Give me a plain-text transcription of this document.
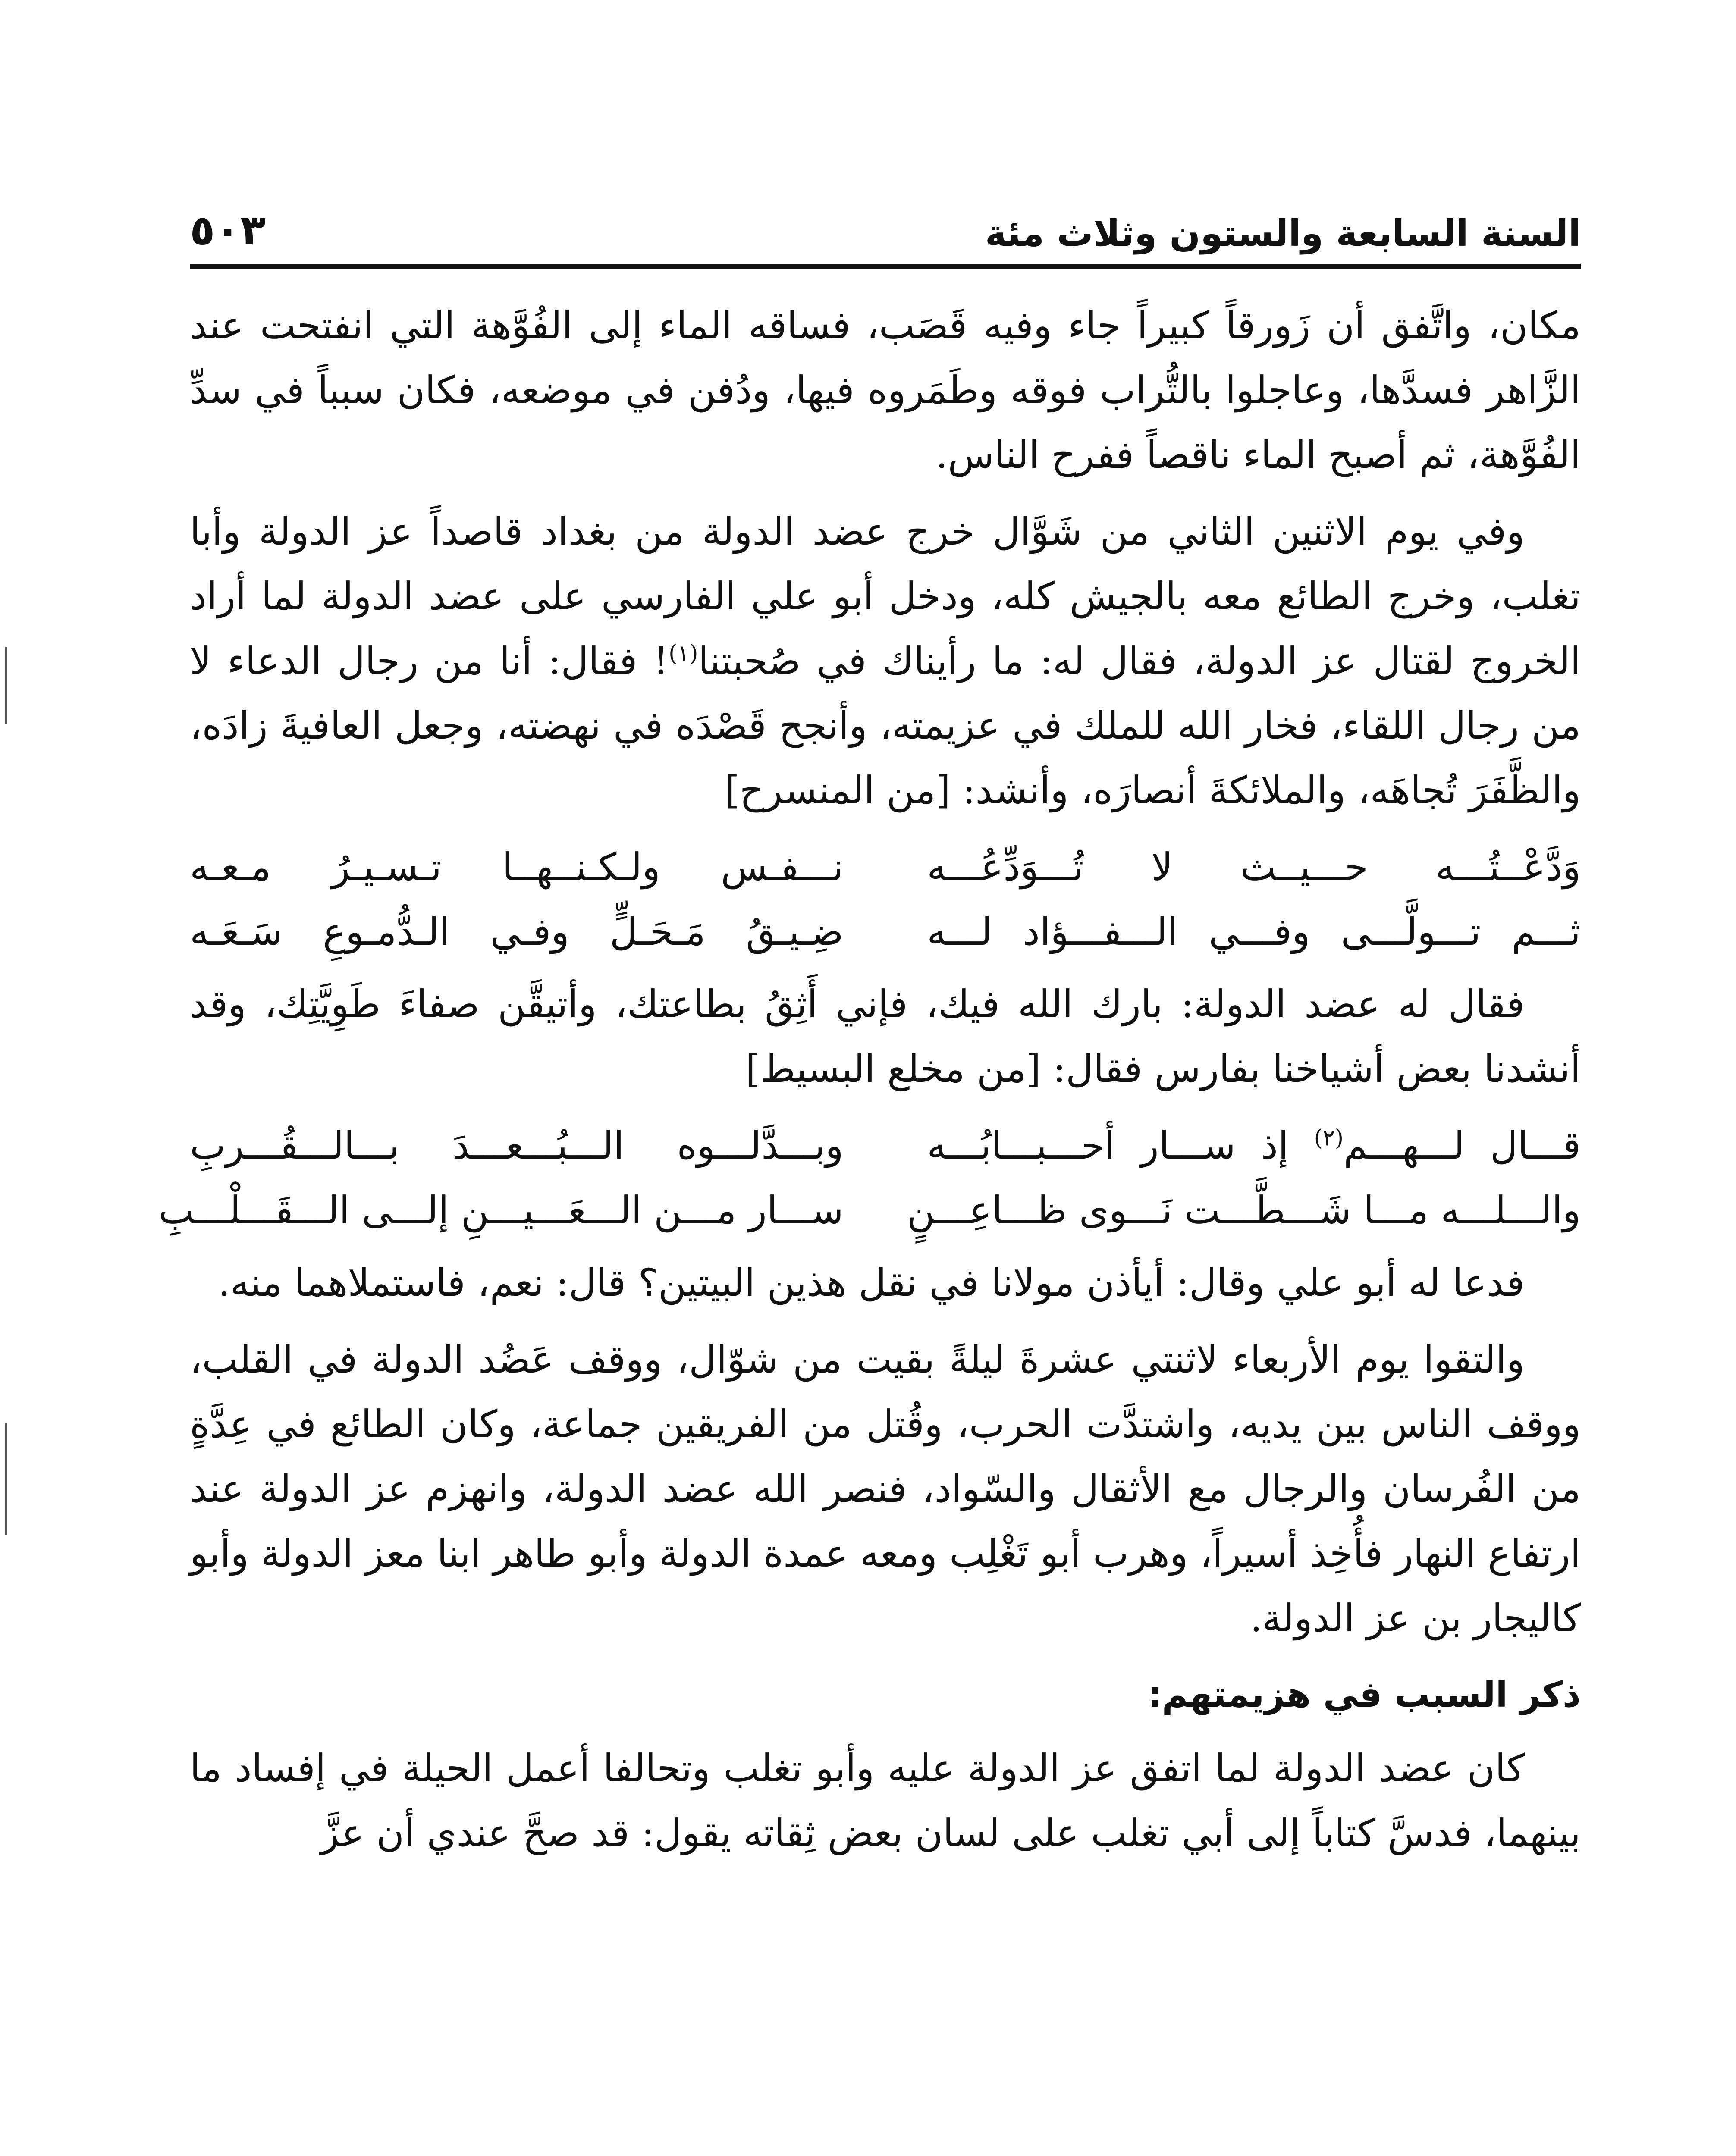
السنة السابعة والستون وثلاث مئة
٥٠٣

مكان، واتَّفق أن زَورقاً كبيراً جاء وفيه قَصَب، فساقه الماء إلى الفُوَّهة التي انفتحت عند الزَّاهر فسدَّها، وعاجلوا بالتُّراب فوقه وطَمَروه فيها، ودُفن في موضعه، فكان سبباً في سدِّ الفُوَّهة، ثم أصبح الماء ناقصاً ففرح الناس.

وفي يوم الاثنين الثاني من شَوَّال خرج عضد الدولة من بغداد قاصداً عز الدولة وأبا تغلب، وخرج الطائع معه بالجيش كله، ودخل أبو علي الفارسي على عضد الدولة لما أراد الخروج لقتال عز الدولة، فقال له: ما رأيناك في صُحبتنا$^{(١)}$! فقال: أنا من رجال الدعاء لا من رجال اللقاء، فخار الله للملك في عزيمته، وأنجح قَصْدَه في نهضته، وجعل العافيةَ زادَه، والظَّفَرَ تُجاهَه، والملائكةَ أنصارَه، وأنشد: [من المنسرح]

وَدَّعْــتُـــه حـــيــث لا تُـــوَدِّعُـــه
نـــفـس ولـكـنــهــا تـسـيـرُ مـعـه
ثـــم تـــولَّـــى وفـــي الـــفـــؤاد لـــه
ضِـيـقُ مَـحَـلٍّ وفـي الـدُّمـوعِ سَـعَـه

فقال له عضد الدولة: بارك الله فيك، فإني أَثِقُ بطاعتك، وأتيقَّن صفاءَ طَوِيَّتِك، وقد أنشدنا بعض أشياخنا بفارس فقال: [من مخلع البسيط]

قـــال لـــهـــم$^{(٢)}$ إذ ســـار أحـــبـــابُـــه
وبـــدَّلـــوه الـــبُـــعـــدَ بـــالـــقُـــربِ
والـــلـــه مـــا شَـــطَّـــت نَـــوى ظـــاعِـــنٍ
ســـار مـــن الـــعَـــيـــنِ إلـــى الـــقَـــلْـــبِ

فدعا له أبو علي وقال: أيأذن مولانا في نقل هذين البيتين؟ قال: نعم، فاستملاهما منه.

والتقوا يوم الأربعاء لاثنتي عشرةَ ليلةً بقيت من شوّال، ووقف عَضُد الدولة في القلب، ووقف الناس بين يديه، واشتدَّت الحرب، وقُتل من الفريقين جماعة، وكان الطائع في عِدَّةٍ من الفُرسان والرجال مع الأثقال والسّواد، فنصر الله عضد الدولة، وانهزم عز الدولة عند ارتفاع النهار فأُخِذ أسيراً، وهرب أبو تَغْلِب ومعه عمدة الدولة وأبو طاهر ابنا معز الدولة وأبو كاليجار بن عز الدولة.

ذكر السبب في هزيمتهم:

كان عضد الدولة لما اتفق عز الدولة عليه وأبو تغلب وتحالفا أعمل الحيلة في إفساد ما بينهما، فدسَّ كتاباً إلى أبي تغلب على لسان بعض ثِقاته يقول: قد صحَّ عندي أن عزَّ
